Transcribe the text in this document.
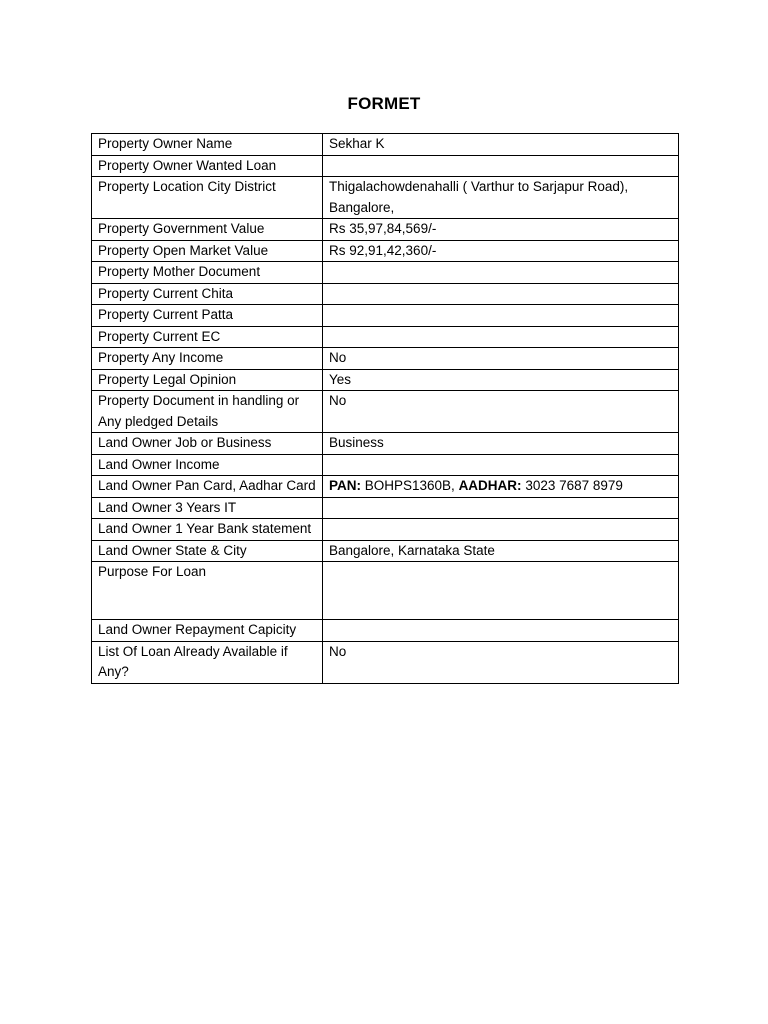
FORMET
Property Owner Name	Sekhar K
Property Owner Wanted Loan	
Property Location City District	Thigalachowdenahalli ( Varthur to Sarjapur Road), Bangalore,
Property Government Value	Rs 35,97,84,569/-
Property Open Market Value	Rs 92,91,42,360/-
Property Mother Document	
Property Current Chita	
Property Current Patta	
Property Current EC	
Property Any Income	No
Property Legal Opinion	Yes
Property Document in handling or Any pledged Details	No
Land Owner Job or Business	Business
Land Owner Income	
Land Owner Pan Card, Aadhar Card	PAN: BOHPS1360B, AADHAR: 3023 7687 8979
Land Owner 3 Years IT	
Land Owner 1 Year Bank statement	
Land Owner State & City	Bangalore, Karnataka State
Purpose For Loan	
Land Owner Repayment Capicity	
List Of Loan Already Available if Any?	No
